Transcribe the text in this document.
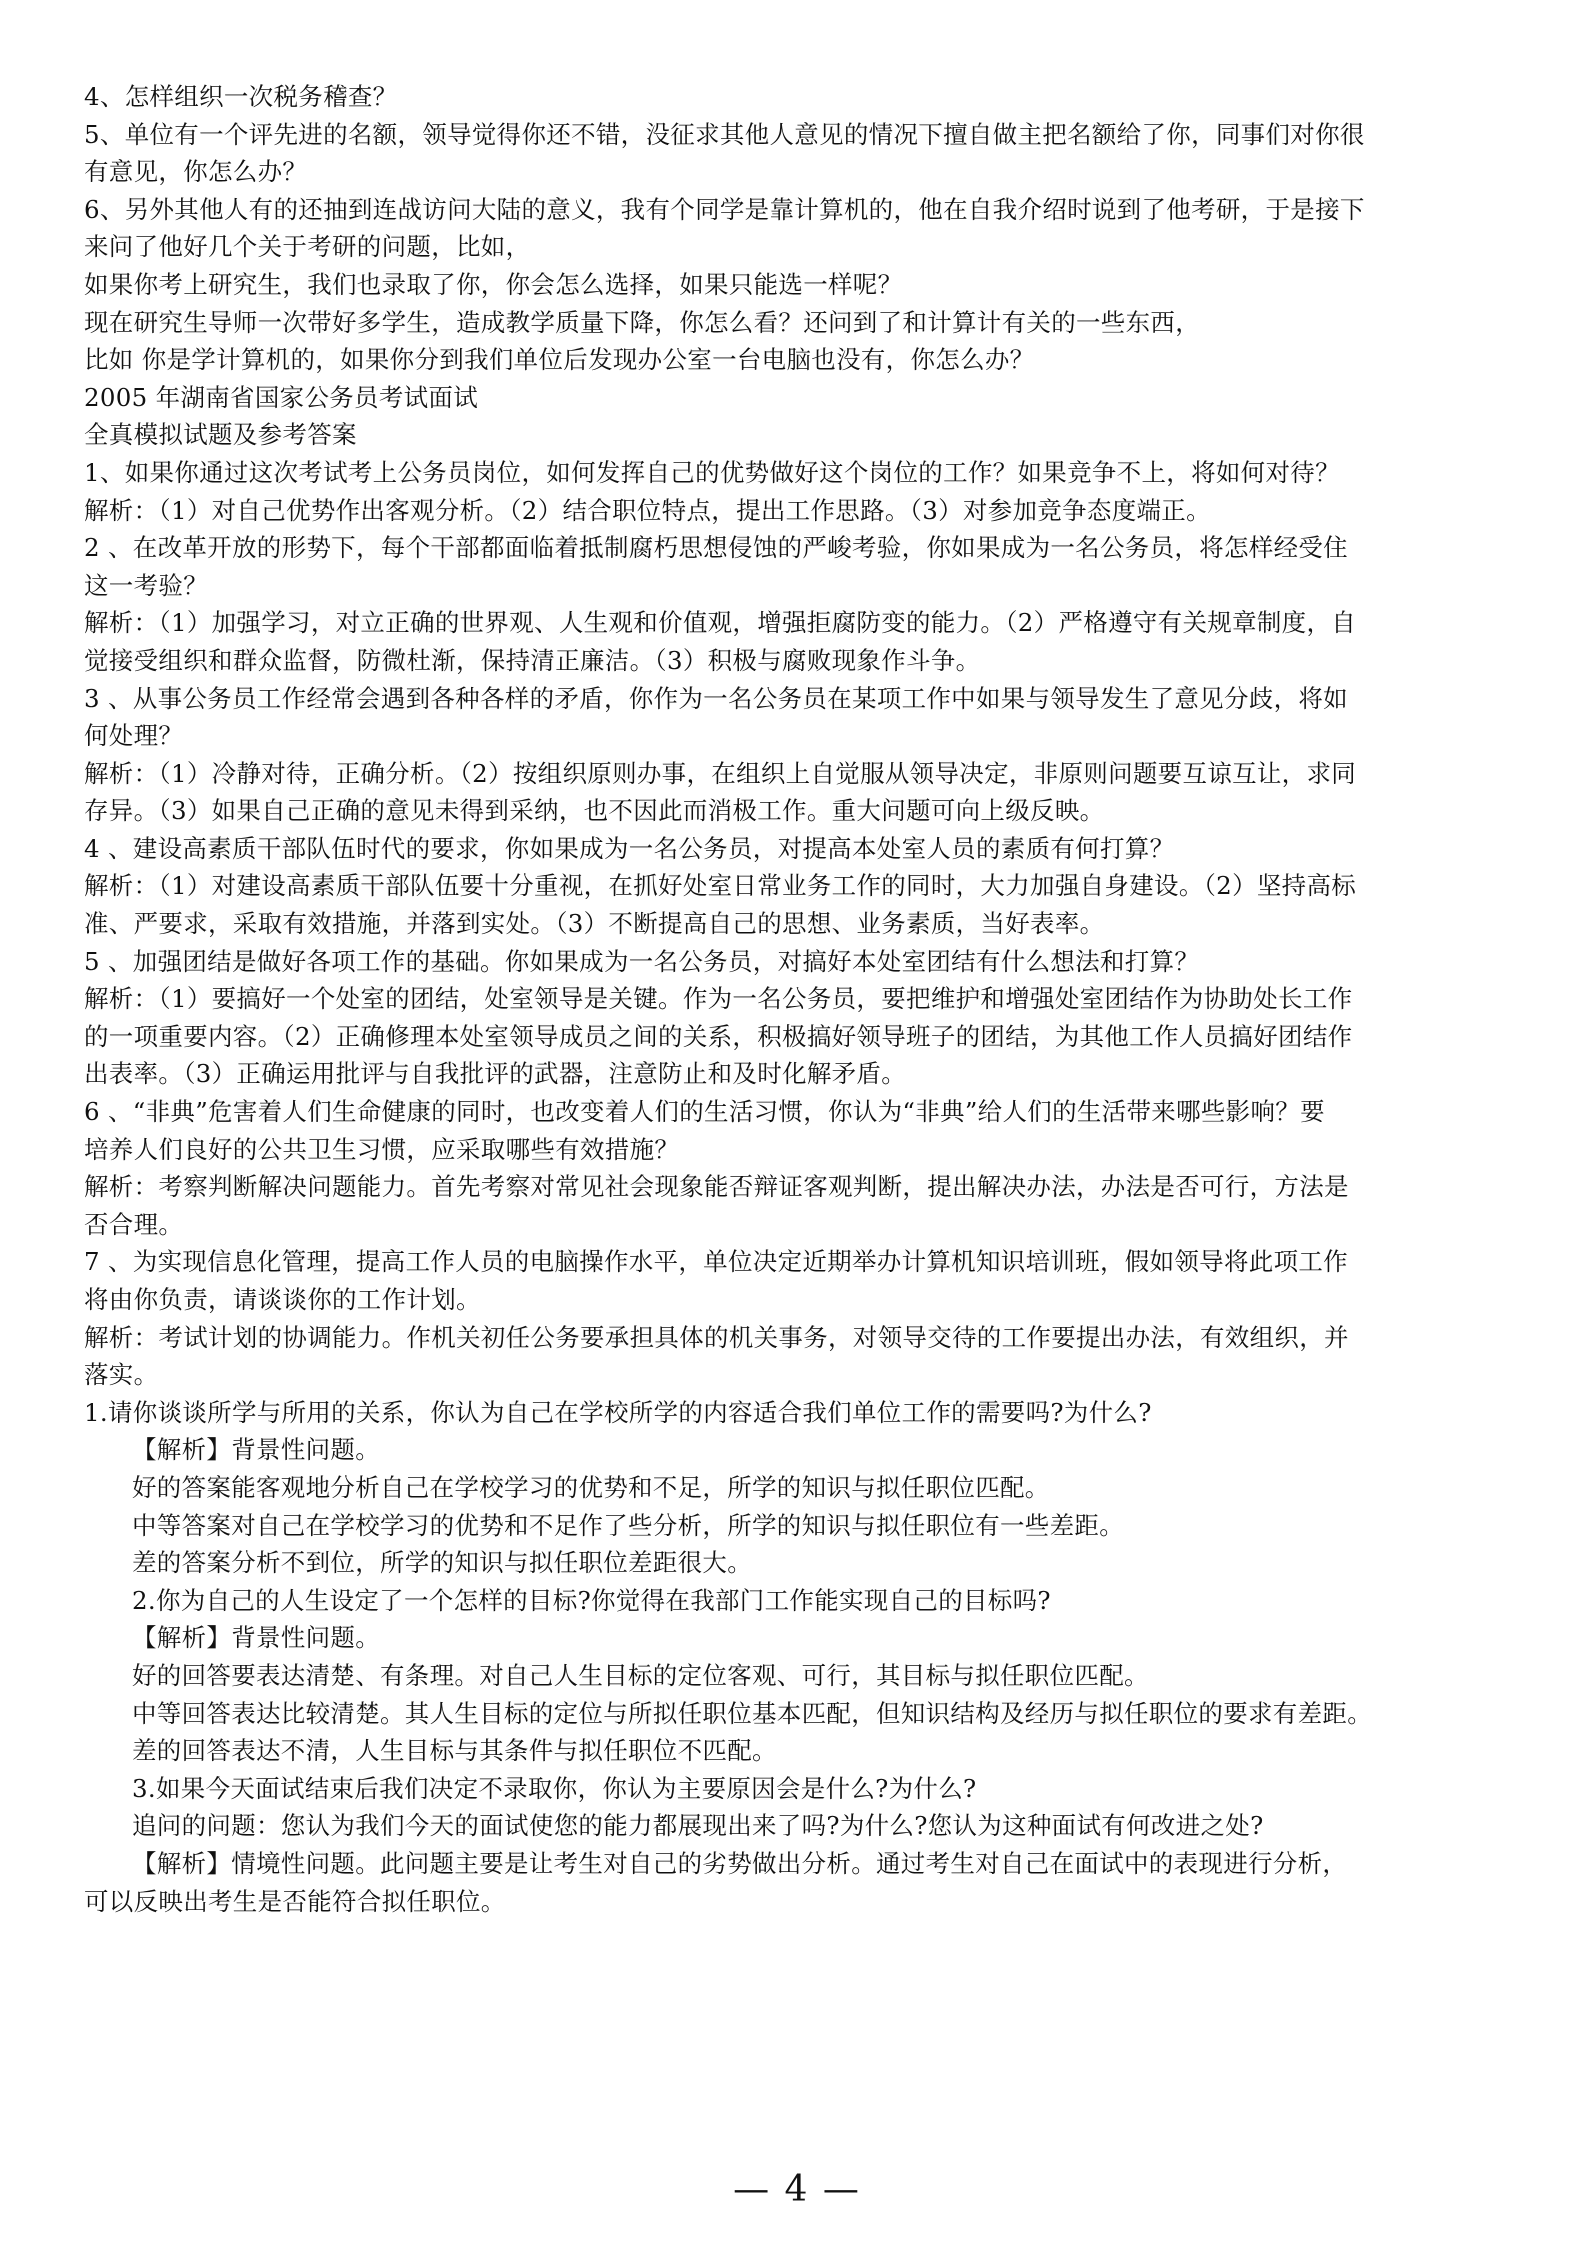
4、怎样组织一次税务稽查？
5、单位有一个评先进的名额，领导觉得你还不错，没征求其他人意见的情况下擅自做主把名额给了你，同事们对你很
有意见，你怎么办？
6、另外其他人有的还抽到连战访问大陆的意义，我有个同学是靠计算机的，他在自我介绍时说到了他考研，于是接下
来问了他好几个关于考研的问题，比如，
如果你考上研究生，我们也录取了你，你会怎么选择，如果只能选一样呢？
现在研究生导师一次带好多学生，造成教学质量下降，你怎么看？还问到了和计算计有关的一些东西，
比如 你是学计算机的，如果你分到我们单位后发现办公室一台电脑也没有，你怎么办？
2005 年湖南省国家公务员考试面试
全真模拟试题及参考答案
1、如果你通过这次考试考上公务员岗位，如何发挥自己的优势做好这个岗位的工作？如果竞争不上，将如何对待？
解析：（1）对自己优势作出客观分析。（2）结合职位特点，提出工作思路。（3）对参加竞争态度端正。
2 、在改革开放的形势下，每个干部都面临着抵制腐朽思想侵蚀的严峻考验，你如果成为一名公务员，将怎样经受住
这一考验？
解析：（1）加强学习，对立正确的世界观、人生观和价值观，增强拒腐防变的能力。（2）严格遵守有关规章制度，自
觉接受组织和群众监督，防微杜渐，保持清正廉洁。（3）积极与腐败现象作斗争。
3 、从事公务员工作经常会遇到各种各样的矛盾，你作为一名公务员在某项工作中如果与领导发生了意见分歧，将如
何处理？
解析：（1）冷静对待，正确分析。（2）按组织原则办事，在组织上自觉服从领导决定，非原则问题要互谅互让，求同
存异。（3）如果自己正确的意见未得到采纳，也不因此而消极工作。重大问题可向上级反映。
4 、建设高素质干部队伍时代的要求，你如果成为一名公务员，对提高本处室人员的素质有何打算？
解析：（1）对建设高素质干部队伍要十分重视，在抓好处室日常业务工作的同时，大力加强自身建设。（2）坚持高标
准、严要求，采取有效措施，并落到实处。（3）不断提高自己的思想、业务素质，当好表率。
5 、加强团结是做好各项工作的基础。你如果成为一名公务员，对搞好本处室团结有什么想法和打算？
解析：（1）要搞好一个处室的团结，处室领导是关键。作为一名公务员，要把维护和增强处室团结作为协助处长工作
的一项重要内容。（2）正确修理本处室领导成员之间的关系，积极搞好领导班子的团结，为其他工作人员搞好团结作
出表率。（3）正确运用批评与自我批评的武器，注意防止和及时化解矛盾。
6 、“非典”危害着人们生命健康的同时，也改变着人们的生活习惯，你认为“非典”给人们的生活带来哪些影响？要
培养人们良好的公共卫生习惯，应采取哪些有效措施？
解析：考察判断解决问题能力。首先考察对常见社会现象能否辩证客观判断，提出解决办法，办法是否可行，方法是
否合理。
7 、为实现信息化管理，提高工作人员的电脑操作水平，单位决定近期举办计算机知识培训班，假如领导将此项工作
将由你负责，请谈谈你的工作计划。
解析：考试计划的协调能力。作机关初任公务要承担具体的机关事务，对领导交待的工作要提出办法，有效组织，并
落实。
1.请你谈谈所学与所用的关系，你认为自己在学校所学的内容适合我们单位工作的需要吗?为什么?
【解析】背景性问题。
好的答案能客观地分析自己在学校学习的优势和不足，所学的知识与拟任职位匹配。
中等答案对自己在学校学习的优势和不足作了些分析，所学的知识与拟任职位有一些差距。
差的答案分析不到位，所学的知识与拟任职位差距很大。
2.你为自己的人生设定了一个怎样的目标?你觉得在我部门工作能实现自己的目标吗?
【解析】背景性问题。
好的回答要表达清楚、有条理。对自己人生目标的定位客观、可行，其目标与拟任职位匹配。
中等回答表达比较清楚。其人生目标的定位与所拟任职位基本匹配，但知识结构及经历与拟任职位的要求有差距。
差的回答表达不清，人生目标与其条件与拟任职位不匹配。
3.如果今天面试结束后我们决定不录取你，你认为主要原因会是什么?为什么?
追问的问题：您认为我们今天的面试使您的能力都展现出来了吗?为什么?您认为这种面试有何改进之处?
【解析】情境性问题。此问题主要是让考生对自己的劣势做出分析。通过考生对自己在面试中的表现进行分析，
可以反映出考生是否能符合拟任职位。
— 4 —
